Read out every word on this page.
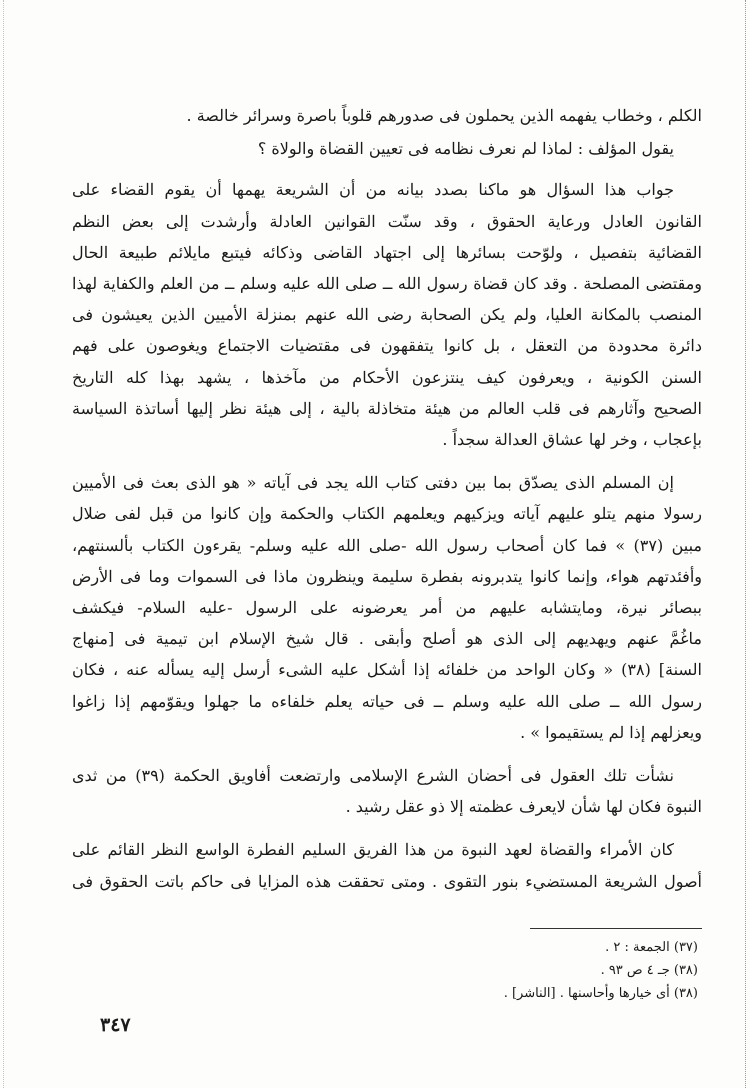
الكلم ، وخطاب يفهمه الذين يحملون فى صدورهم قلوباً باصرة وسرائر خالصة .

يقول المؤلف : لماذا لم نعرف نظامه فى تعيين القضاة والولاة ؟

جواب هذا السؤال هو ماكنا بصدد بيانه من أن الشريعة يهمها أن يقوم القضاء على
القانون العادل ورعاية الحقوق ، وقد سنّت القوانين العادلة وأرشدت إلى بعض النظم
القضائية بتفصيل ، ولوّحت بسائرها إلى اجتهاد القاضى وذكائه فيتبع مايلائم طبيعة الحال
ومقتضى المصلحة . وقد كان قضاة رسول الله ــ صلى الله عليه وسلم ــ من العلم والكفاية لهذا
المنصب بالمكانة العليا، ولم يكن الصحابة رضى الله عنهم بمنزلة الأميين الذين يعيشون فى
دائرة محدودة من التعقل ، بل كانوا يتفقهون فى مقتضيات الاجتماع ويغوصون على فهم
السنن الكونية ، ويعرفون كيف ينتزعون الأحكام من مآخذها ، يشهد بهذا كله التاريخ
الصحيح وآثارهم فى قلب العالم من هيئة متخاذلة بالية ، إلى هيئة نظر إليها أساتذة السياسة
بإعجاب ، وخر لها عشاق العدالة سجداً .

إن المسلم الذى يصدّق بما بين دفتى كتاب الله يجد فى آياته « هو الذى بعث فى الأميين
رسولا منهم يتلو عليهم آياته ويزكيهم ويعلمهم الكتاب والحكمة وإن كانوا من قبل لفى ضلال
مبين (٣٧) » فما كان أصحاب رسول الله -صلى الله عليه وسلم- يقرءون الكتاب بألسنتهم،
وأفئدتهم هواء، وإنما كانوا يتدبرونه بفطرة سليمة وينظرون ماذا فى السموات وما فى الأرض
ببصائر نيرة، ومايتشابه عليهم من أمر يعرضونه على الرسول -عليه السلام- فيكشف
ماغُمَّ عنهم ويهديهم إلى الذى هو أصلح وأبقى . قال شيخ الإسلام ابن تيمية فى [منهاج
السنة] (٣٨) « وكان الواحد من خلفائه إذا أشكل عليه الشىء أرسل إليه يسأله عنه ، فكان
رسول الله ــ صلى الله عليه وسلم ــ فى حياته يعلم خلفاءه ما جهلوا ويقوّمهم إذا زاغوا
ويعزلهم إذا لم يستقيموا » .

نشأت تلك العقول فى أحضان الشرع الإسلامى وارتضعت أفاويق الحكمة (٣٩) من ثدى
النبوة فكان لها شأن لايعرف عظمته إلا ذو عقل رشيد .

كان الأمراء والقضاة لعهد النبوة من هذا الفريق السليم الفطرة الواسع النظر القائم على
أصول الشريعة المستضيء بنور التقوى . ومتى تحققت هذه المزايا فى حاكم باتت الحقوق فى

(٣٧) الجمعة : ٢ .
(٣٨) جـ ٤ ص ٩٣ .
(٣٨) أى خيارها وأحاسنها . [الناشر] .
٣٤٧
